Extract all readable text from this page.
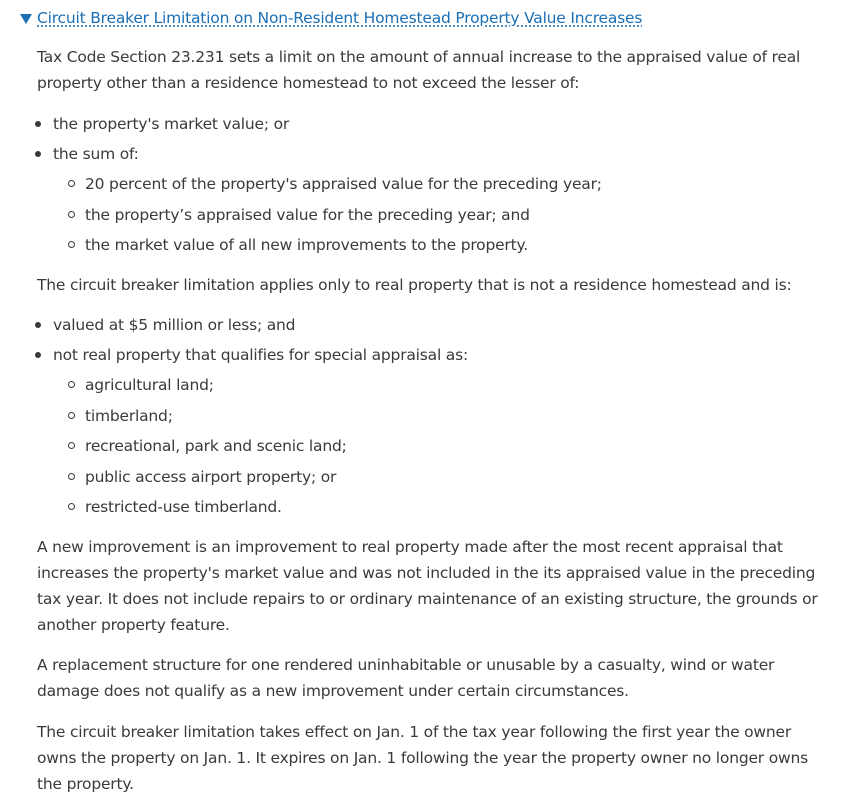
Circuit Breaker Limitation on Non-Resident Homestead Property Value Increases

Tax Code Section 23.231 sets a limit on the amount of annual increase to the appraised value of real property other than a residence homestead to not exceed the lesser of:

the property's market value; or
the sum of:
20 percent of the property's appraised value for the preceding year;
the property’s appraised value for the preceding year; and
the market value of all new improvements to the property.

The circuit breaker limitation applies only to real property that is not a residence homestead and is:

valued at $5 million or less; and
not real property that qualifies for special appraisal as:
agricultural land;
timberland;
recreational, park and scenic land;
public access airport property; or
restricted-use timberland.

A new improvement is an improvement to real property made after the most recent appraisal that increases the property's market value and was not included in the its appraised value in the preceding tax year. It does not include repairs to or ordinary maintenance of an existing structure, the grounds or another property feature.

A replacement structure for one rendered uninhabitable or unusable by a casualty, wind or water damage does not qualify as a new improvement under certain circumstances.

The circuit breaker limitation takes effect on Jan. 1 of the tax year following the first year the owner owns the property on Jan. 1. It expires on Jan. 1 following the year the property owner no longer owns the property.
